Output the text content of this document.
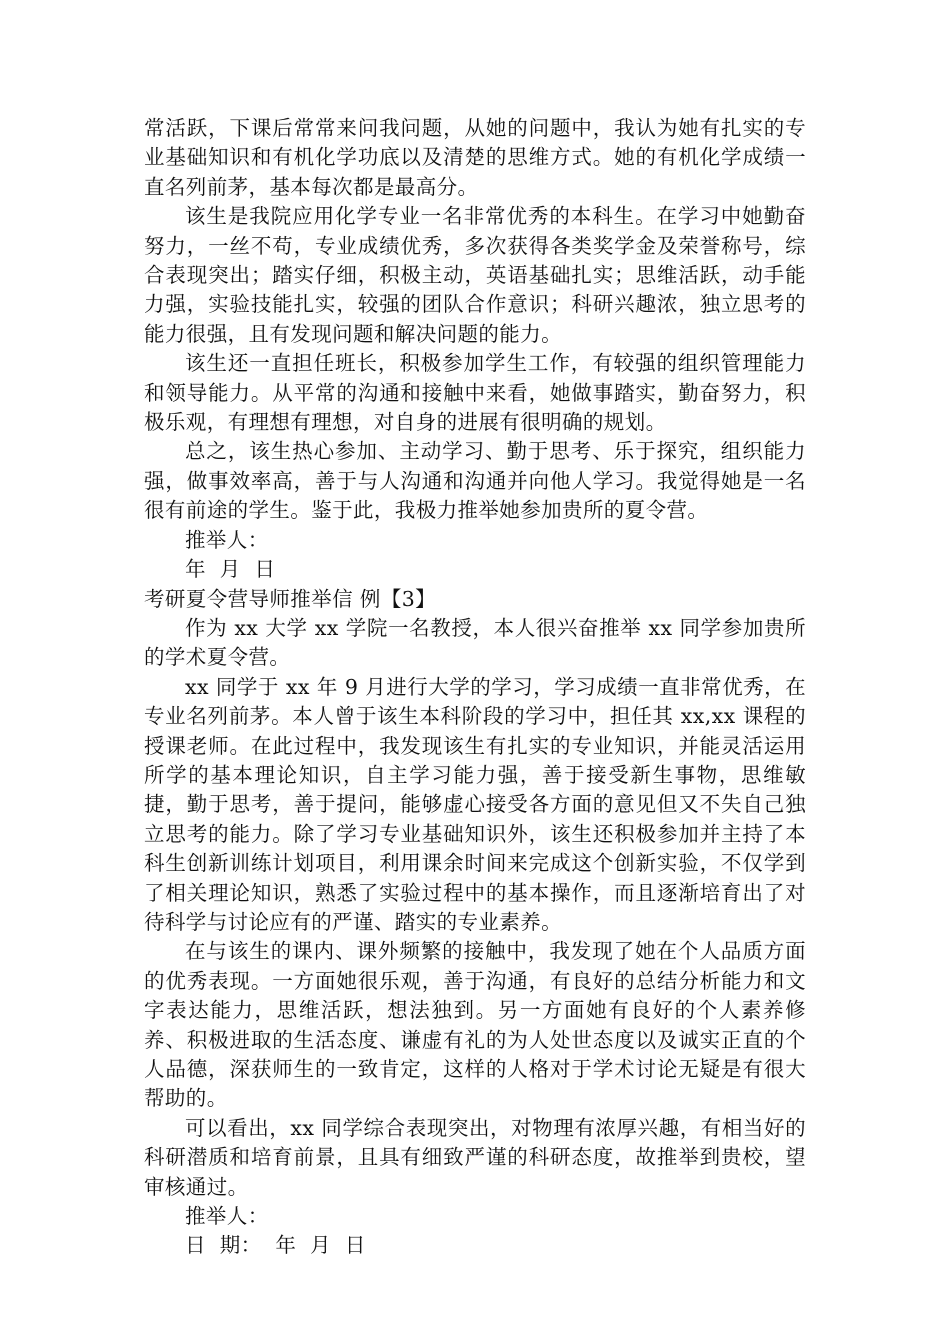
常活跃，下课后常常来问我问题，从她的问题中，我认为她有扎实的专业基础知识和有机化学功底以及清楚的思维方式。她的有机化学成绩一直名列前茅，基本每次都是最高分。

该生是我院应用化学专业一名非常优秀的本科生。在学习中她勤奋努力，一丝不苟，专业成绩优秀，多次获得各类奖学金及荣誉称号，综合表现突出；踏实仔细，积极主动，英语基础扎实；思维活跃，动手能力强，实验技能扎实，较强的团队合作意识；科研兴趣浓，独立思考的能力很强，且有发现问题和解决问题的能力。

该生还一直担任班长，积极参加学生工作，有较强的组织管理能力和领导能力。从平常的沟通和接触中来看，她做事踏实，勤奋努力，积极乐观，有理想有理想，对自身的进展有很明确的规划。

总之，该生热心参加、主动学习、勤于思考、乐于探究，组织能力强，做事效率高，善于与人沟通和沟通并向他人学习。我觉得她是一名很有前途的学生。鉴于此，我极力推举她参加贵所的夏令营。

推举人：

年  月  日

考研夏令营导师推举信 例【3】

作为 xx 大学 xx 学院一名教授，本人很兴奋推举 xx 同学参加贵所的学术夏令营。

xx 同学于 xx 年 9 月进行大学的学习，学习成绩一直非常优秀，在专业名列前茅。本人曾于该生本科阶段的学习中，担任其 xx,xx 课程的授课老师。在此过程中，我发现该生有扎实的专业知识，并能灵活运用所学的基本理论知识，自主学习能力强，善于接受新生事物，思维敏捷，勤于思考，善于提问，能够虚心接受各方面的意见但又不失自己独立思考的能力。除了学习专业基础知识外，该生还积极参加并主持了本科生创新训练计划项目，利用课余时间来完成这个创新实验，不仅学到了相关理论知识，熟悉了实验过程中的基本操作，而且逐渐培育出了对待科学与讨论应有的严谨、踏实的专业素养。

在与该生的课内、课外频繁的接触中，我发现了她在个人品质方面的优秀表现。一方面她很乐观，善于沟通，有良好的总结分析能力和文字表达能力，思维活跃，想法独到。另一方面她有良好的个人素养修养、积极进取的生活态度、谦虚有礼的为人处世态度以及诚实正直的个人品德，深获师生的一致肯定，这样的人格对于学术讨论无疑是有很大帮助的。

可以看出，xx 同学综合表现突出，对物理有浓厚兴趣，有相当好的科研潜质和培育前景，且具有细致严谨的科研态度，故推举到贵校，望审核通过。

推举人：

日  期：  年  月  日
